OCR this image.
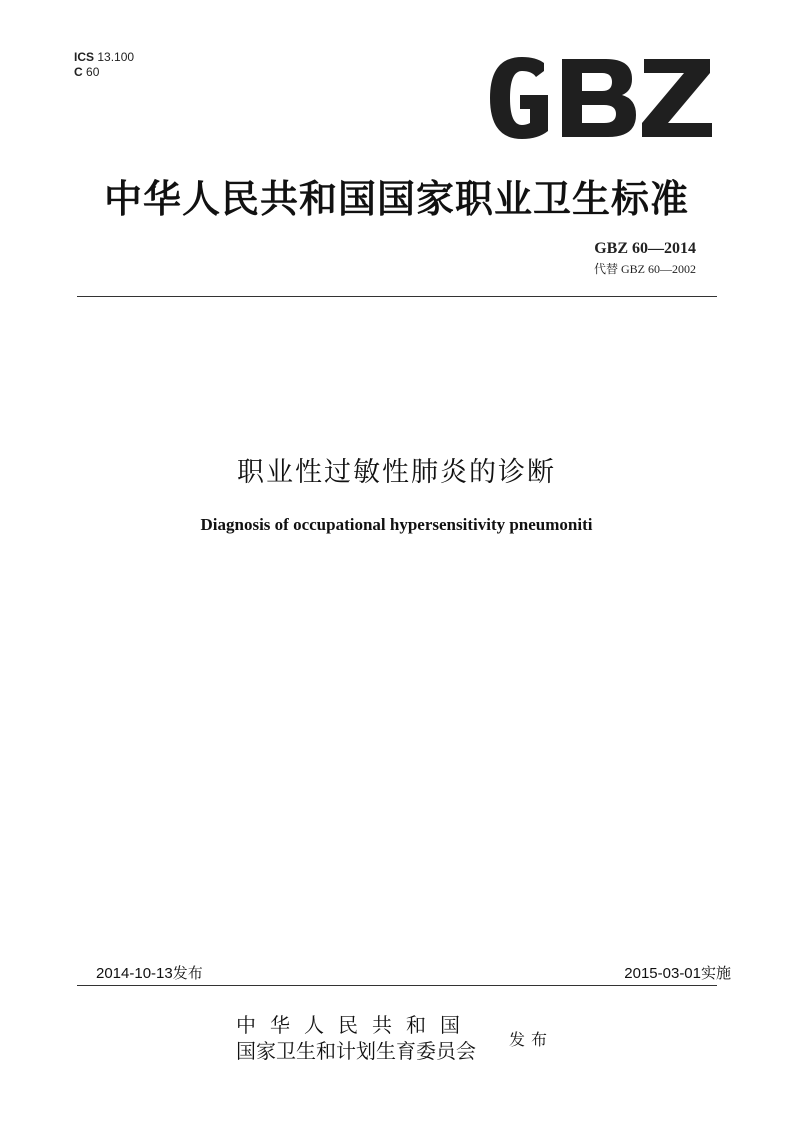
ICS 13.100
C 60
中华人民共和国国家职业卫生标准
GBZ 60—2014
代替 GBZ 60—2002
职业性过敏性肺炎的诊断
Diagnosis of occupational hypersensitivity pneumoniti
2014-10-13发布	2015-03-01实施
中华人民共和国
国家卫生和计划生育委员会 发布
